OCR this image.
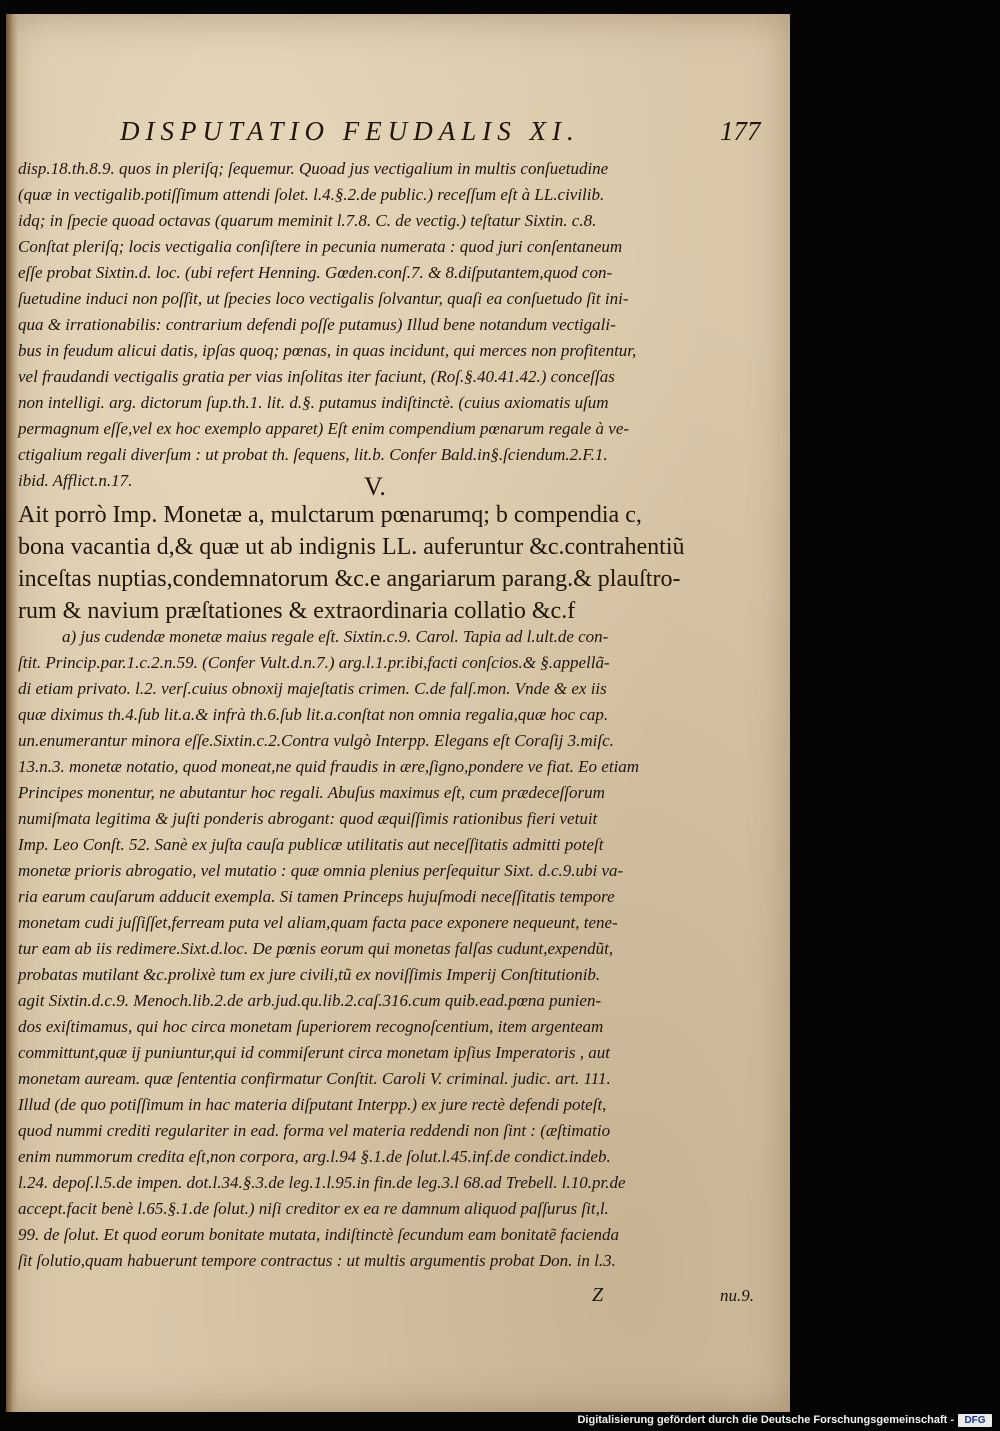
DISPUTATIO FEUDALIS XI.	177
disp.18.th.8.9. quos in pleriſq; ſequemur. Quoad jus vectigalium in multis conſuetudine
(quæ in vectigalib.potiſſimum attendi ſolet. l.4.§.2.de public.) receſſum eſt à LL.civilib.
idq; in ſpecie quoad octavas (quarum meminit l.7.8. C. de vectig.) teſtatur Sixtin. c.8.
Conſtat pleriſq; locis vectigalia conſiſtere in pecunia numerata : quod juri conſentaneum
eſſe probat Sixtin.d. loc. (ubi refert Henning. Gœden.conſ.7. & 8.diſputantem,quod con-
ſuetudine induci non poſſit, ut ſpecies loco vectigalis ſolvantur, quaſi ea conſuetudo ſit ini-
qua & irrationabilis: contrarium defendi poſſe putamus) Illud bene notandum vectigali-
bus in feudum alicui datis, ipſas quoq; pœnas, in quas incidunt, qui merces non profitentur,
vel fraudandi vectigalis gratia per vias inſolitas iter faciunt, (Roſ.§.40.41.42.) conceſſas
non intelligi. arg. dictorum ſup.th.1. lit. d.§. putamus indiſtinctè. (cuius axiomatis uſum
permagnum eſſe,vel ex hoc exemplo apparet) Eſt enim compendium pœnarum regale à ve-
ctigalium regali diverſum : ut probat th. ſequens, lit.b. Confer Bald.in§.ſciendum.2.F.1.
ibid. Afflict.n.17.	V.
Ait porrò Imp. Monetæ a, mulctarum pœnarumq; b compendia c,
bona vacantia d,& quæ ut ab indignis LL. auferuntur &c.contrahentiũ
inceſtas nuptias,condemnatorum &c.e angariarum parang.& plauſtro-
rum & navium præſtationes & extraordinaria collatio &c.f
a) jus cudendæ monetæ maius regale eſt. Sixtin.c.9. Carol. Tapia ad l.ult.de con-
ſtit. Princip.par.1.c.2.n.59. (Confer Vult.d.n.7.) arg.l.1.pr.ibi,facti conſcios.& §.appellã-
di etiam privato. l.2. verſ.cuius obnoxij majeſtatis crimen. C.de falſ.mon. Vnde & ex iis
quæ diximus th.4.ſub lit.a.& infrà th.6.ſub lit.a.conſtat non omnia regalia,quæ hoc cap.
un.enumerantur minora eſſe.Sixtin.c.2.Contra vulgò Interpp. Elegans eſt Coraſij 3.miſc.
13.n.3. monetæ notatio, quod moneat,ne quid fraudis in ære,ſigno,pondere ve fiat. Eo etiam
Principes monentur, ne abutantur hoc regali. Abuſus maximus eſt, cum prædeceſſorum
numiſmata legitima & juſti ponderis abrogant: quod æquiſſimis rationibus fieri vetuit
Imp. Leo Conſt. 52. Sanè ex juſta cauſa publicæ utilitatis aut neceſſitatis admitti poteſt
monetæ prioris abrogatio, vel mutatio : quæ omnia plenius perſequitur Sixt. d.c.9.ubi va-
ria earum cauſarum adducit exempla. Si tamen Princeps hujuſmodi neceſſitatis tempore
monetam cudi juſſiſſet,ferream puta vel aliam,quam facta pace exponere nequeunt, tene-
tur eam ab iis redimere.Sixt.d.loc. De pœnis eorum qui monetas falſas cudunt,expendũt,
probatas mutilant &c.prolixè tum ex jure civili,tũ ex noviſſimis Imperij Conſtitutionib.
agit Sixtin.d.c.9. Menoch.lib.2.de arb.jud.qu.lib.2.caſ.316.cum quib.ead.pœna punien-
dos exiſtimamus, qui hoc circa monetam ſuperiorem recognoſcentium, item argenteam
committunt,quæ ij puniuntur,qui id commiſerunt circa monetam ipſius Imperatoris , aut
monetam auream. quæ ſententia confirmatur Conſtit. Caroli V. criminal. judic. art. 111.
Illud (de quo potiſſimum in hac materia diſputant Interpp.) ex jure rectè defendi poteſt,
quod nummi crediti regulariter in ead. forma vel materia reddendi non ſint : (æſtimatio
enim nummorum credita eſt,non corpora, arg.l.94 §.1.de ſolut.l.45.inf.de condict.indeb.
l.24. depoſ.l.5.de impen. dot.l.34.§.3.de leg.1.l.95.in fin.de leg.3.l 68.ad Trebell. l.10.pr.de
accept.facit benè l.65.§.1.de ſolut.) niſi creditor ex ea re damnum aliquod paſſurus ſit,l.
99. de ſolut. Et quod eorum bonitate mutata, indiſtinctè ſecundum eam bonitatẽ facienda
ſit ſolutio,quam habuerunt tempore contractus : ut multis argumentis probat Don. in l.3.
Z	nu.9.
Digitalisierung gefördert durch die Deutsche Forschungsgemeinschaft -	DFG
